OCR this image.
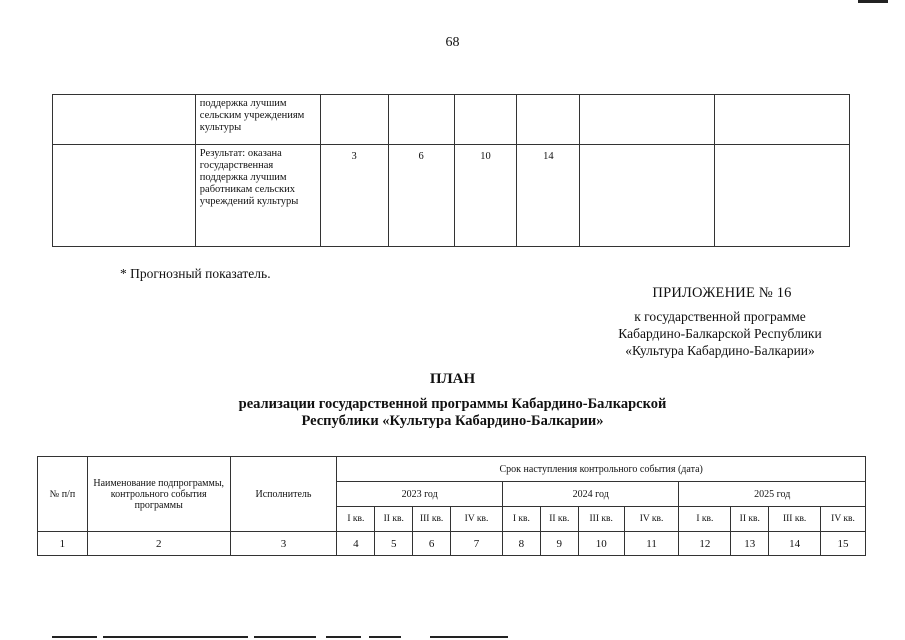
68
	поддержка лучшим сельским учреждениям культуры						
	Результат: оказана государственная поддержка лучшим работникам сельских учреждений культуры	3	6	10	14		
* Прогнозный показатель.
ПРИЛОЖЕНИЕ № 16
к государственной программе
Кабардино-Балкарской Республики
«Культура Кабардино-Балкарии»
ПЛАН
реализации государственной программы Кабардино-Балкарской
Республики «Культура Кабардино-Балкарии»
№ п/п	Наименование подпрограммы, контрольного события программы	Исполнитель	Срок наступления контрольного события (дата)											
			2023 год				2024 год				2025 год			
			I кв.	II кв.	III кв.	IV кв.	I кв.	II кв.	III кв.	IV кв.	I кв.	II кв.	III кв.	IV кв.
1	2	3	4	5	6	7	8	9	10	11	12	13	14	15
